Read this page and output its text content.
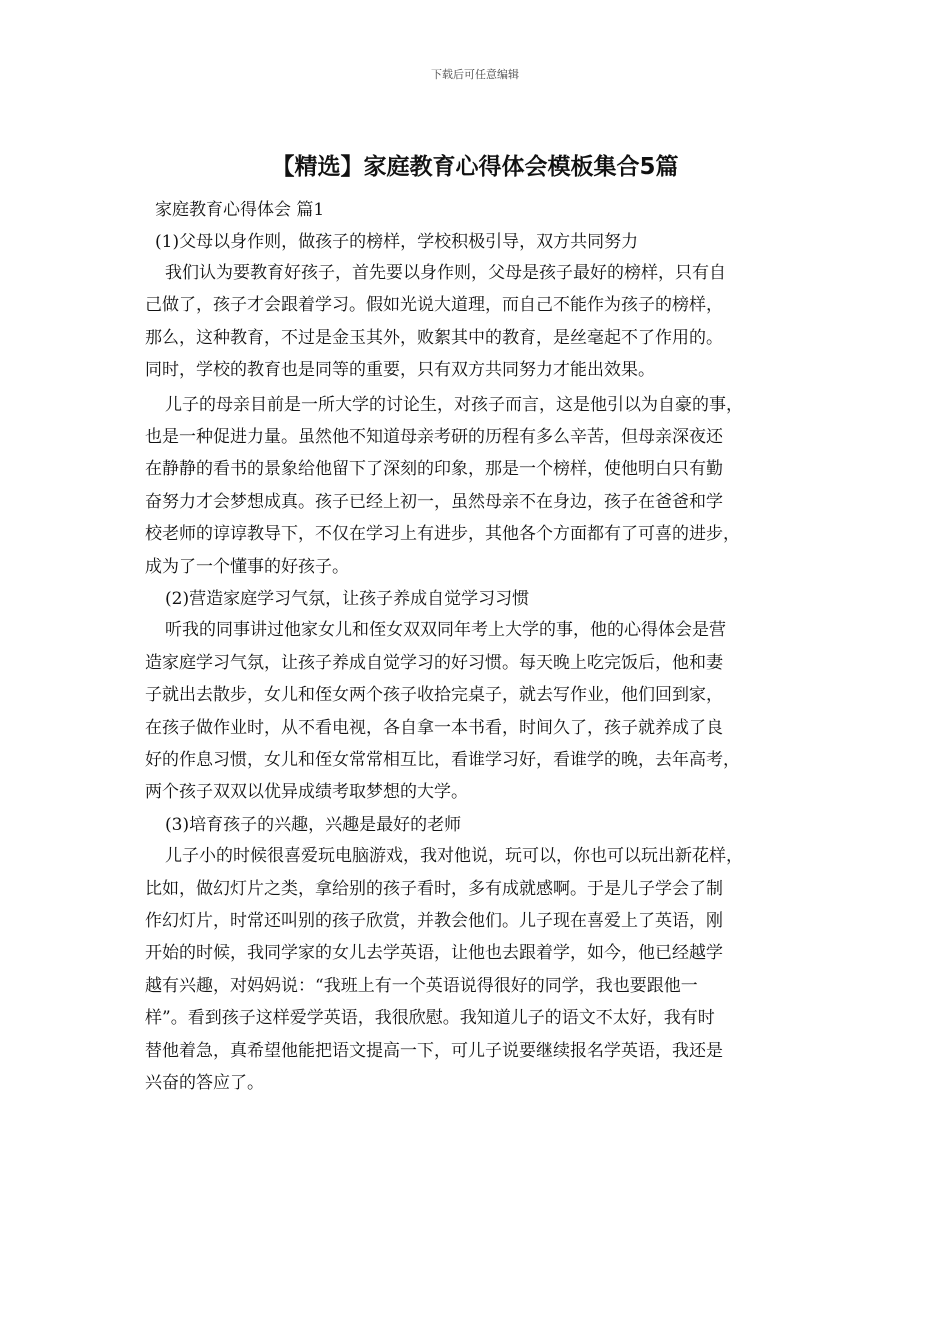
下载后可任意编辑
【精选】家庭教育心得体会模板集合5篇
家庭教育心得体会 篇1
(1)父母以身作则，做孩子的榜样，学校积极引导，双方共同努力
我们认为要教育好孩子，首先要以身作则，父母是孩子最好的榜样，只有自
己做了，孩子才会跟着学习。假如光说大道理，而自己不能作为孩子的榜样，
那么，这种教育，不过是金玉其外，败絮其中的教育，是丝毫起不了作用的。
同时，学校的教育也是同等的重要，只有双方共同努力才能出效果。
儿子的母亲目前是一所大学的讨论生，对孩子而言，这是他引以为自豪的事，
也是一种促进力量。虽然他不知道母亲考研的历程有多么辛苦，但母亲深夜还
在静静的看书的景象给他留下了深刻的印象，那是一个榜样，使他明白只有勤
奋努力才会梦想成真。孩子已经上初一，虽然母亲不在身边，孩子在爸爸和学
校老师的谆谆教导下，不仅在学习上有进步，其他各个方面都有了可喜的进步，
成为了一个懂事的好孩子。
(2)营造家庭学习气氛，让孩子养成自觉学习习惯
听我的同事讲过他家女儿和侄女双双同年考上大学的事，他的心得体会是营
造家庭学习气氛，让孩子养成自觉学习的好习惯。每天晚上吃完饭后，他和妻
子就出去散步，女儿和侄女两个孩子收拾完桌子，就去写作业，他们回到家，
在孩子做作业时，从不看电视，各自拿一本书看，时间久了，孩子就养成了良
好的作息习惯，女儿和侄女常常相互比，看谁学习好，看谁学的晚，去年高考，
两个孩子双双以优异成绩考取梦想的大学。
(3)培育孩子的兴趣，兴趣是最好的老师
儿子小的时候很喜爱玩电脑游戏，我对他说，玩可以，你也可以玩出新花样，
比如，做幻灯片之类，拿给别的孩子看时，多有成就感啊。于是儿子学会了制
作幻灯片，时常还叫别的孩子欣赏，并教会他们。儿子现在喜爱上了英语，刚
开始的时候，我同学家的女儿去学英语，让他也去跟着学，如今，他已经越学
越有兴趣，对妈妈说：“我班上有一个英语说得很好的同学，我也要跟他一
样”。看到孩子这样爱学英语，我很欣慰。我知道儿子的语文不太好，我有时
替他着急，真希望他能把语文提高一下，可儿子说要继续报名学英语，我还是
兴奋的答应了。
